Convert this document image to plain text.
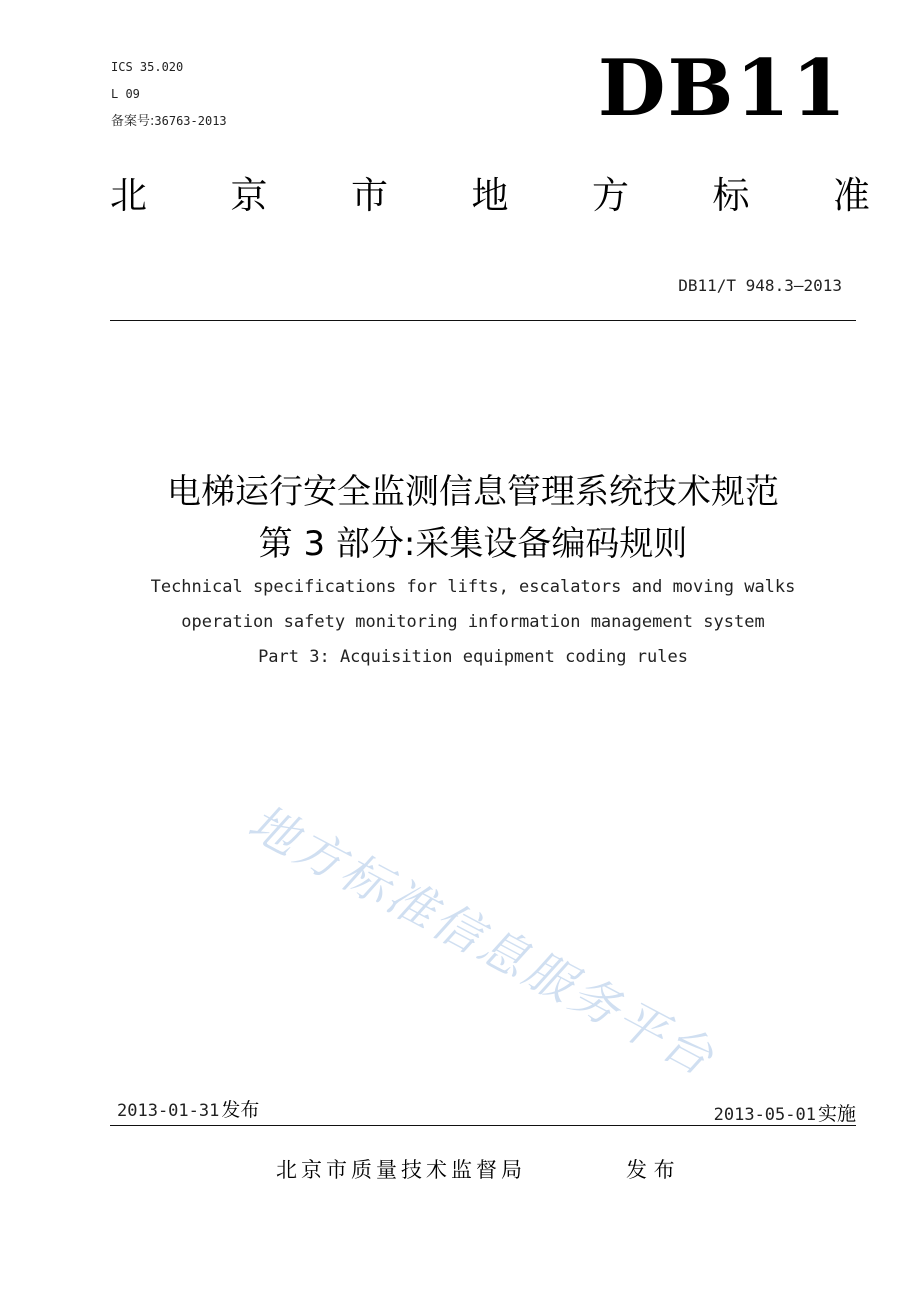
ICS 35.020
L 09
备案号:36763-2013	DB11
北 京 市 地 方 标 准
DB11/T 948.3—2013
电梯运行安全监测信息管理系统技术规范
第 3 部分:采集设备编码规则
Technical specifications for lifts, escalators and moving walks
operation safety monitoring information management system
Part 3: Acquisition equipment coding rules
地方标准信息服务平台
2013-01-31 发布	2013-05-01 实施
北京市质量技术监督局	发 布
